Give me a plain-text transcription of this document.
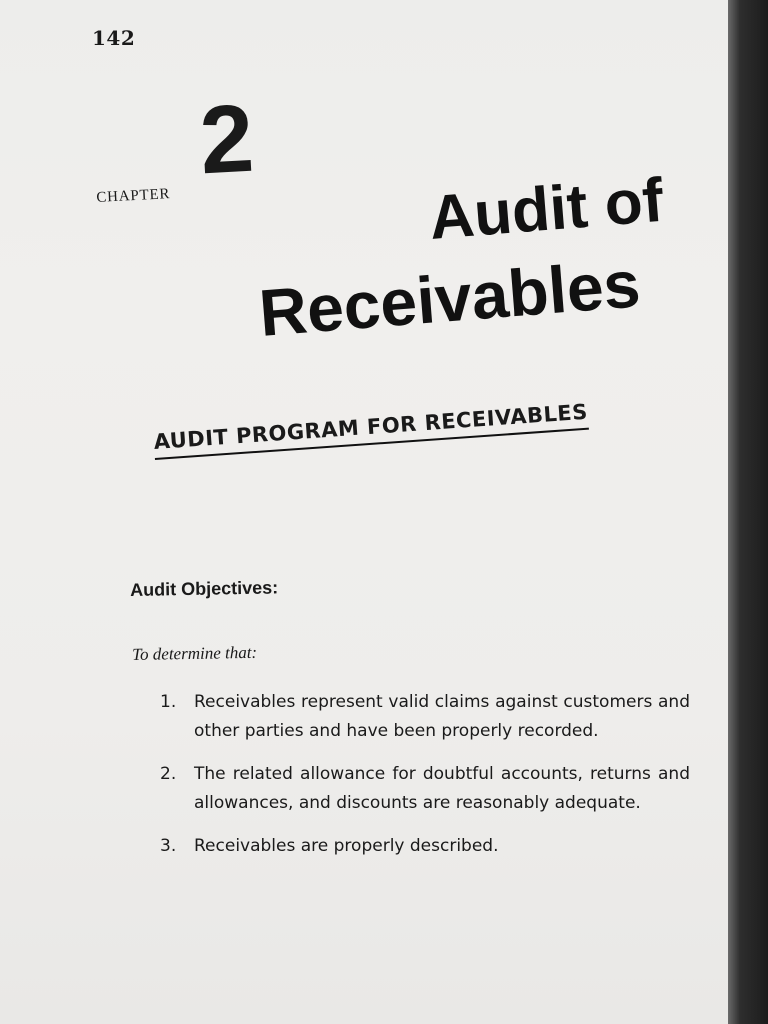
142
CHAPTER
2
Audit of
Receivables
AUDIT PROGRAM FOR RECEIVABLES
Audit Objectives:
To determine that:
1. Receivables represent valid claims against customers and other parties and have been properly recorded.
2. The related allowance for doubtful accounts, returns and allowances, and discounts are reasonably adequate.
3. Receivables are properly described.
